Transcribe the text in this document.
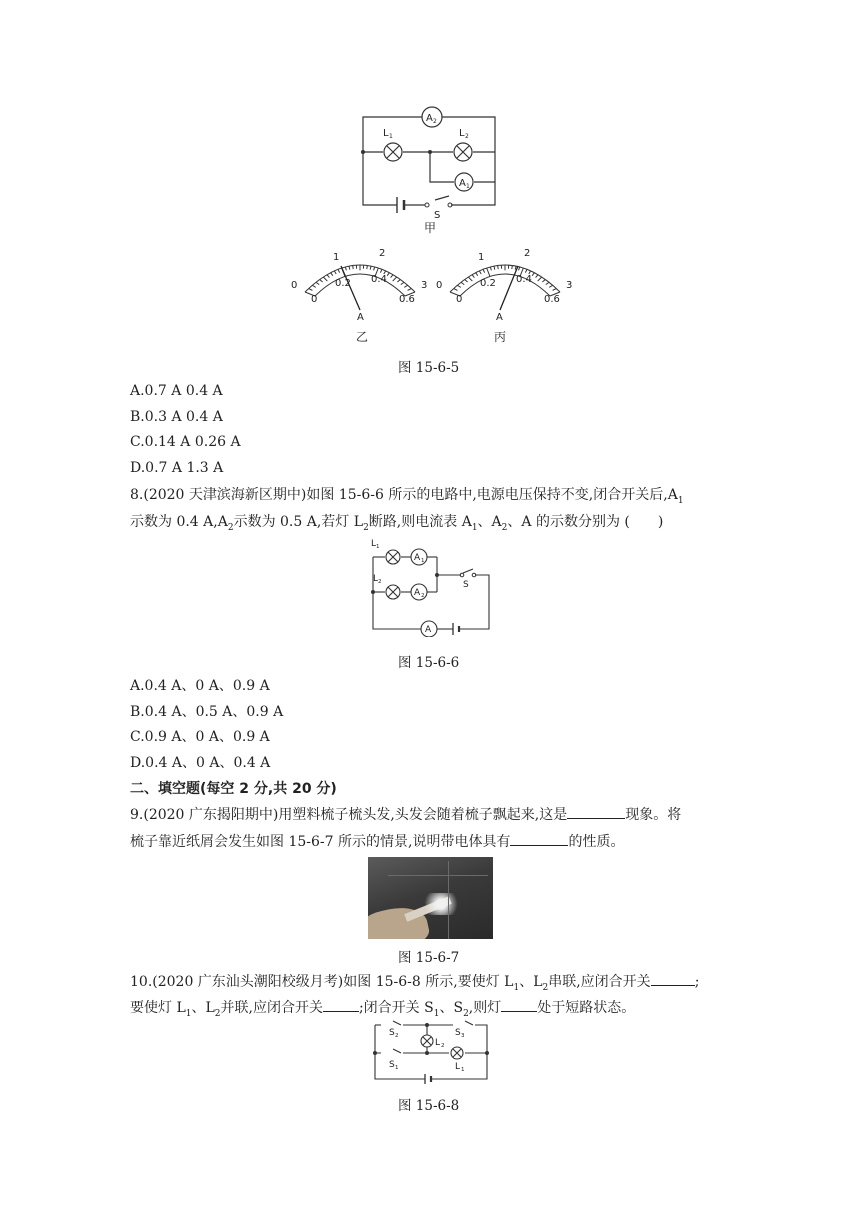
A 2
L 1	L 2
A 1
S
甲
0
1	2
3
0
0.2 0.4
0.6
A
乙
0
1	2
3
0
0.2 0.4
0.6
A
丙
图 15-6-5
A.0.7 A 0.4 A
B.0.3 A 0.4 A
C.0.14 A 0.26 A
D.0.7 A 1.3 A
8.(2020 天津滨海新区期中)如图 15-6-6 所示的电路中,电源电压保持不变,闭合开关后$,A_1$
示数为 0.4 $A,A_2$示数为 0.5 A,若灯 $L_2$断路,则电流表 $A_1$、$A_2$、A 的示数分别为 (　　)
L 1
A 1
L 2
A 2
A
S
图 15-6-6
A.0.4 A、0 A、0.9 A
B.0.4 A、0.5 A、0.9 A
C.0.9 A、0 A、0.9 A
D.0.4 A、0 A、0.4 A
二、填空题(每空 2 分,共 20 分)
9.(2020 广东揭阳期中)用塑料梳子梳头发,头发会随着梳子飘起来,这是	现象。将
梳子靠近纸屑会发生如图 15-6-7 所示的情景,说明带电体具有	的性质。
图 15-6-7
10.(2020 广东汕头潮阳校级月考)如图 15-6-8 所示,要使灯 $L_1$、$L_2$串联,应闭合开关	;
要使灯 $L_1$、$L_2$并联,应闭合开关	;闭合开关 $S_1$、$S_2$,则灯	处于短路状态。
S 2	S 3
L 2
S 1	L 1
图 15-6-8
